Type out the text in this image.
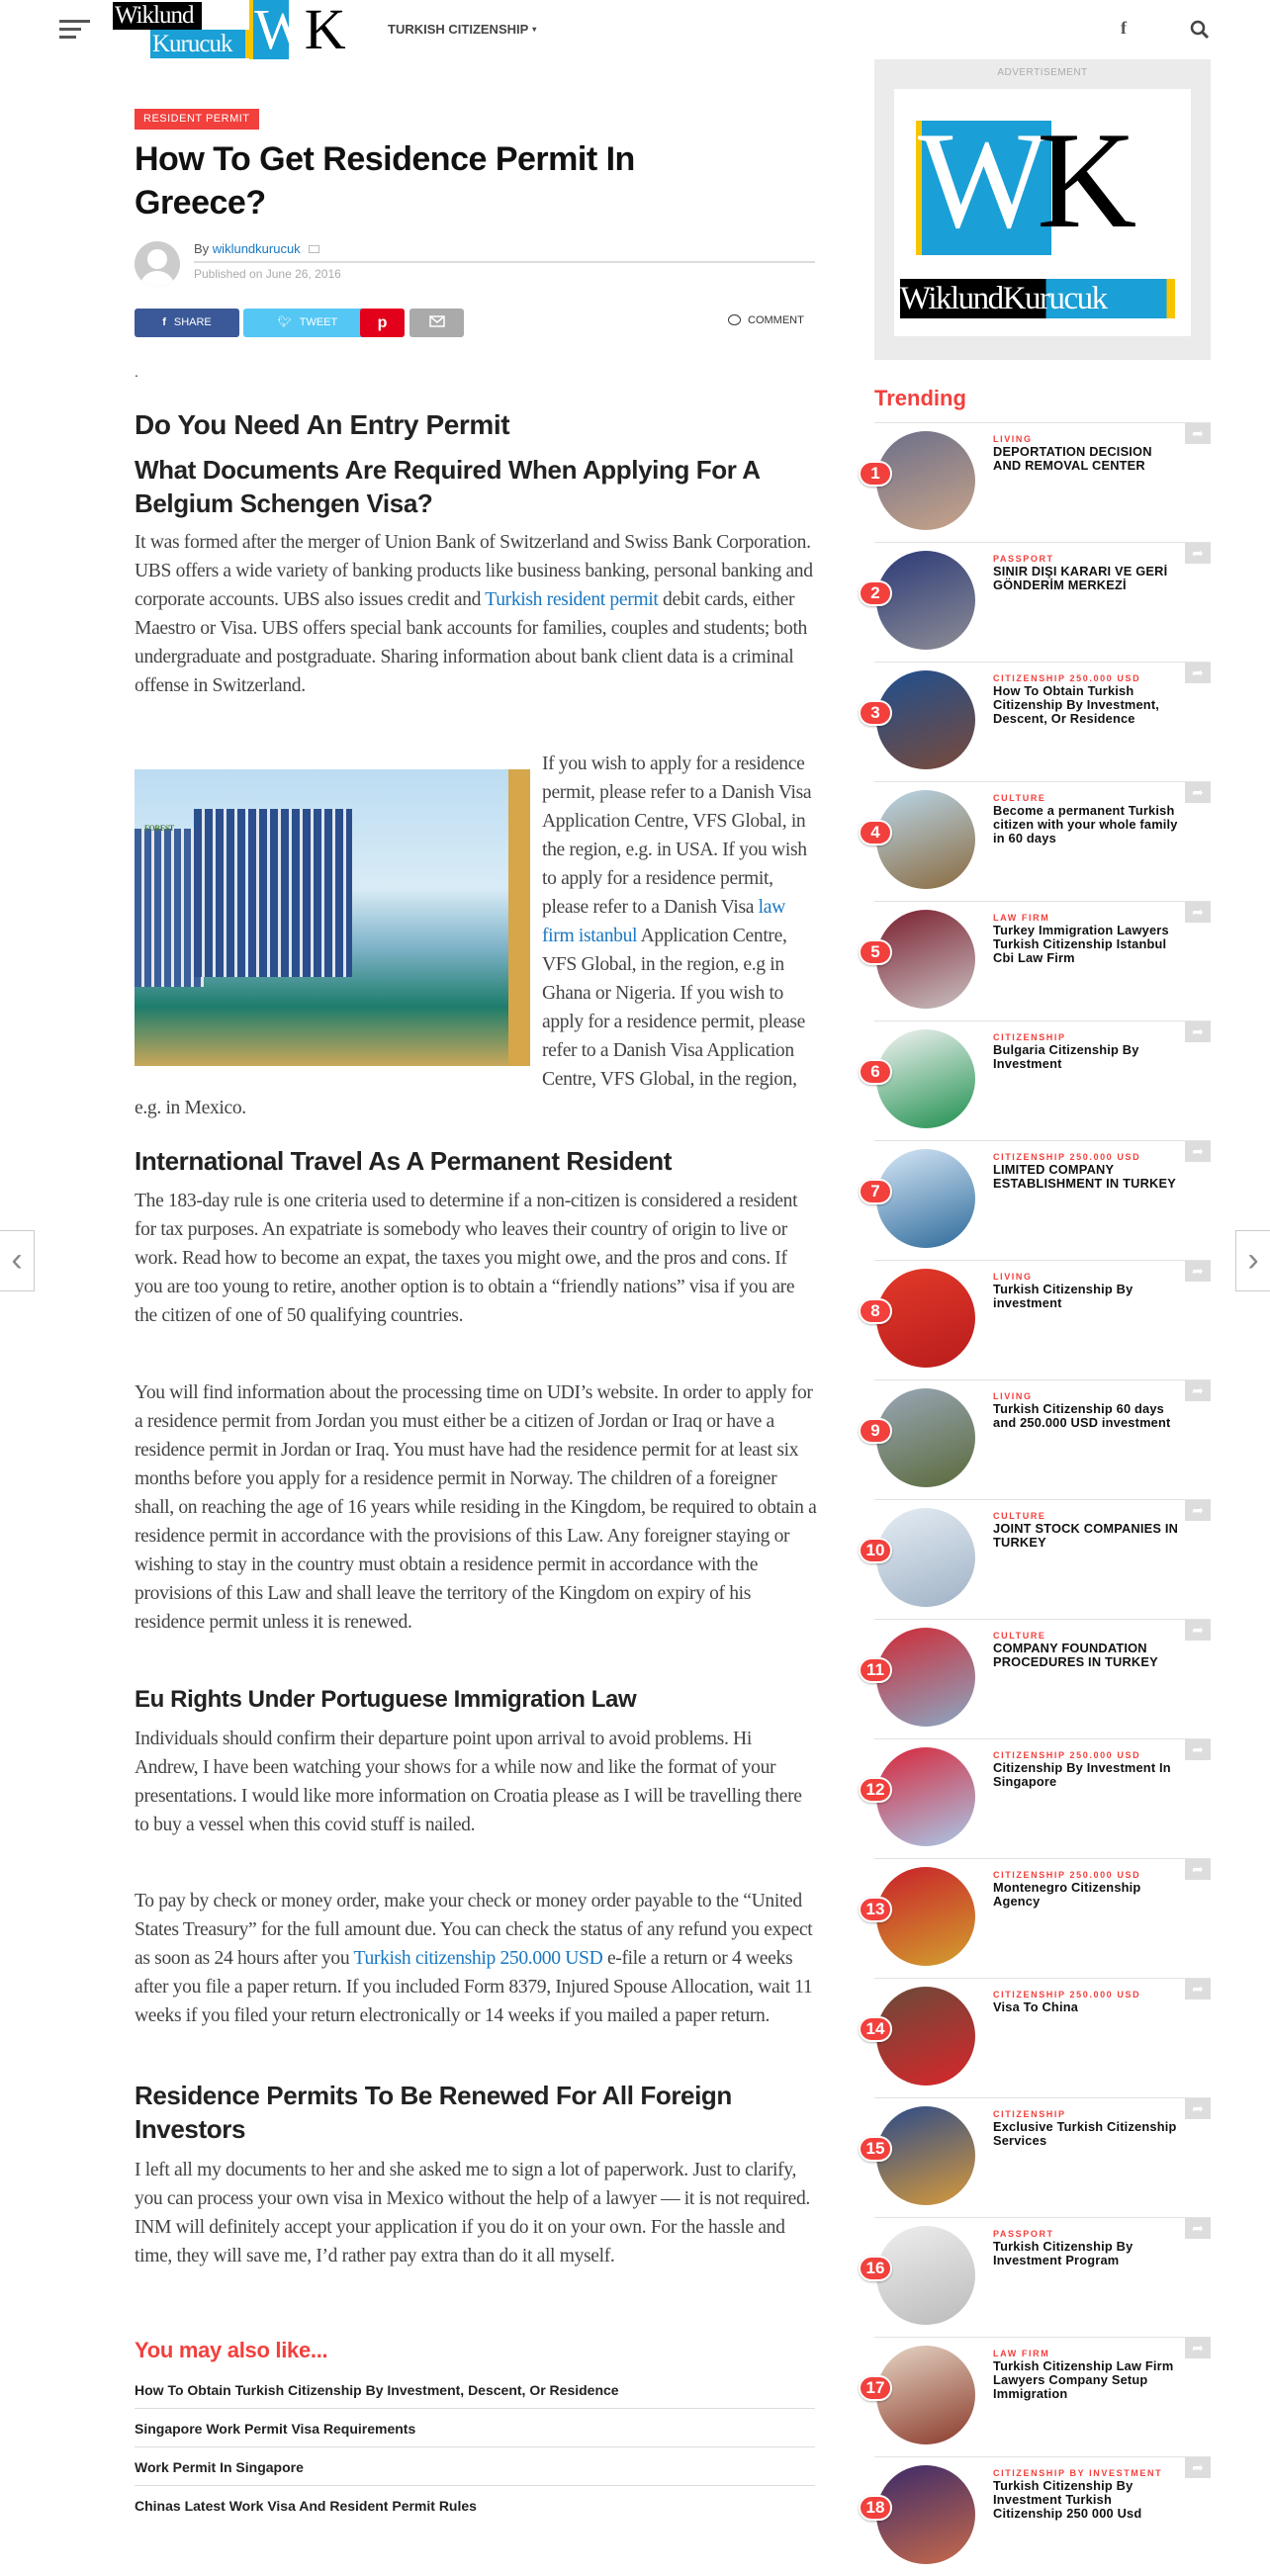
Wiklund
Kurucuk WK	TURKISH CITIZENSHIP ▾	f
‹	›
RESIDENT PERMIT
How To Get Residence Permit In Greece?
By wiklundkurucuk
Published on June 26, 2016
f SHARE	🐦︎ TWEET	p	COMMENT
.
Do You Need An Entry Permit
What Documents Are Required When Applying For A Belgium Schengen Visa?

It was formed after the merger of Union Bank of Switzerland and Swiss Bank Corporation. UBS offers a wide variety of banking products like business banking, personal banking and corporate accounts. UBS also issues credit and Turkish resident permit debit cards, either Maestro or Visa. UBS offers special bank accounts for families, couples and students; both undergraduate and postgraduate. Sharing information about bank client data is a criminal offense in Switzerland.

FOREST
If you wish to apply for a residence permit, please refer to a Danish Visa Application Centre, VFS Global, in the region, e.g. in USA. If you wish to apply for a residence permit, please refer to a Danish Visa law firm istanbul Application Centre, VFS Global, in the region, e.g in Ghana or Nigeria. If you wish to apply for a residence permit, please refer to a Danish Visa Application Centre, VFS Global, in the region, e.g. in Mexico.
International Travel As A Permanent Resident

The 183-day rule is one criteria used to determine if a non-citizen is considered a resident for tax purposes. An expatriate is somebody who leaves their country of origin to live or work. Read how to become an expat, the taxes you might owe, and the pros and cons. If you are too young to retire, another option is to obtain a “friendly nations” visa if you are the citizen of one of 50 qualifying countries.

You will find information about the processing time on UDI’s website. In order to apply for a residence permit from Jordan you must either be a citizen of Jordan or Iraq or have a residence permit in Jordan or Iraq. You must have had the residence permit for at least six months before you apply for a residence permit in Norway. The children of a foreigner shall, on reaching the age of 16 years while residing in the Kingdom, be required to obtain a residence permit in accordance with the provisions of this Law. Any foreigner staying or wishing to stay in the country must obtain a residence permit in accordance with the provisions of this Law and shall leave the territory of the Kingdom on expiry of his residence permit unless it is renewed.

Eu Rights Under Portuguese Immigration Law

Individuals should confirm their departure point upon arrival to avoid problems. Hi Andrew, I have been watching your shows for a while now and like the format of your presentations. I would like more information on Croatia please as I will be travelling there to buy a vessel when this covid stuff is nailed.

To pay by check or money order, make your check or money order payable to the “United States Treasury” for the full amount due. You can check the status of any refund you expect as soon as 24 hours after you Turkish citizenship 250.000 USD e-file a return or 4 weeks after you file a paper return. If you included Form 8379, Injured Spouse Allocation, wait 11 weeks if you filed your return electronically or 14 weeks if you mailed a paper return.

Residence Permits To Be Renewed For All Foreign Investors

I left all my documents to her and she asked me to sign a lot of paperwork. Just to clarify, you can process your own visa in Mexico without the help of a lawyer — it is not required. INM will definitely accept your application if you do it on your own. For the hassle and time, they will save me, I’d rather pay extra than do it all myself.

You may also like...
How To Obtain Turkish Citizenship By Investment, Descent, Or Residence
Singapore Work Permit Visa Requirements
Work Permit In Singapore
Chinas Latest Work Visa And Resident Permit Rules
ADVERTISEMENT
WK
WiklundKurucuk
Trending
1
LIVING
DEPORTATION DECISION AND REMOVAL CENTER
➦
2
PASSPORT
SINIR DIŞI KARARI VE GERİ GÖNDERİM MERKEZİ
➦
3
CITIZENSHIP 250.000 USD
How To Obtain Turkish Citizenship By Investment, Descent, Or Residence
➦
4
CULTURE
Become a permanent Turkish citizen with your whole family in 60 days
➦
5
LAW FIRM
Turkey Immigration Lawyers Turkish Citizenship Istanbul Cbi Law Firm
➦
6
CITIZENSHIP
Bulgaria Citizenship By Investment
➦
7
CITIZENSHIP 250.000 USD
LIMITED COMPANY ESTABLISHMENT IN TURKEY
➦
8
LIVING
Turkish Citizenship By investment
➦
9
LIVING
Turkish Citizenship 60 days and 250.000 USD investment
➦
10
CULTURE
JOINT STOCK COMPANIES IN TURKEY
➦
11
CULTURE
COMPANY FOUNDATION PROCEDURES IN TURKEY
➦
12
CITIZENSHIP 250.000 USD
Citizenship By Investment In Singapore
➦
13
CITIZENSHIP 250.000 USD
Montenegro Citizenship Agency
➦
14
CITIZENSHIP 250.000 USD
Visa To China
➦
15
CITIZENSHIP
Exclusive Turkish Citizenship Services
➦
16
PASSPORT
Turkish Citizenship By Investment Program
➦
17
LAW FIRM
Turkish Citizenship Law Firm Lawyers Company Setup Immigration
➦
18
CITIZENSHIP BY INVESTMENT
Turkish Citizenship By Investment Turkish Citizenship 250 000 Usd
➦
